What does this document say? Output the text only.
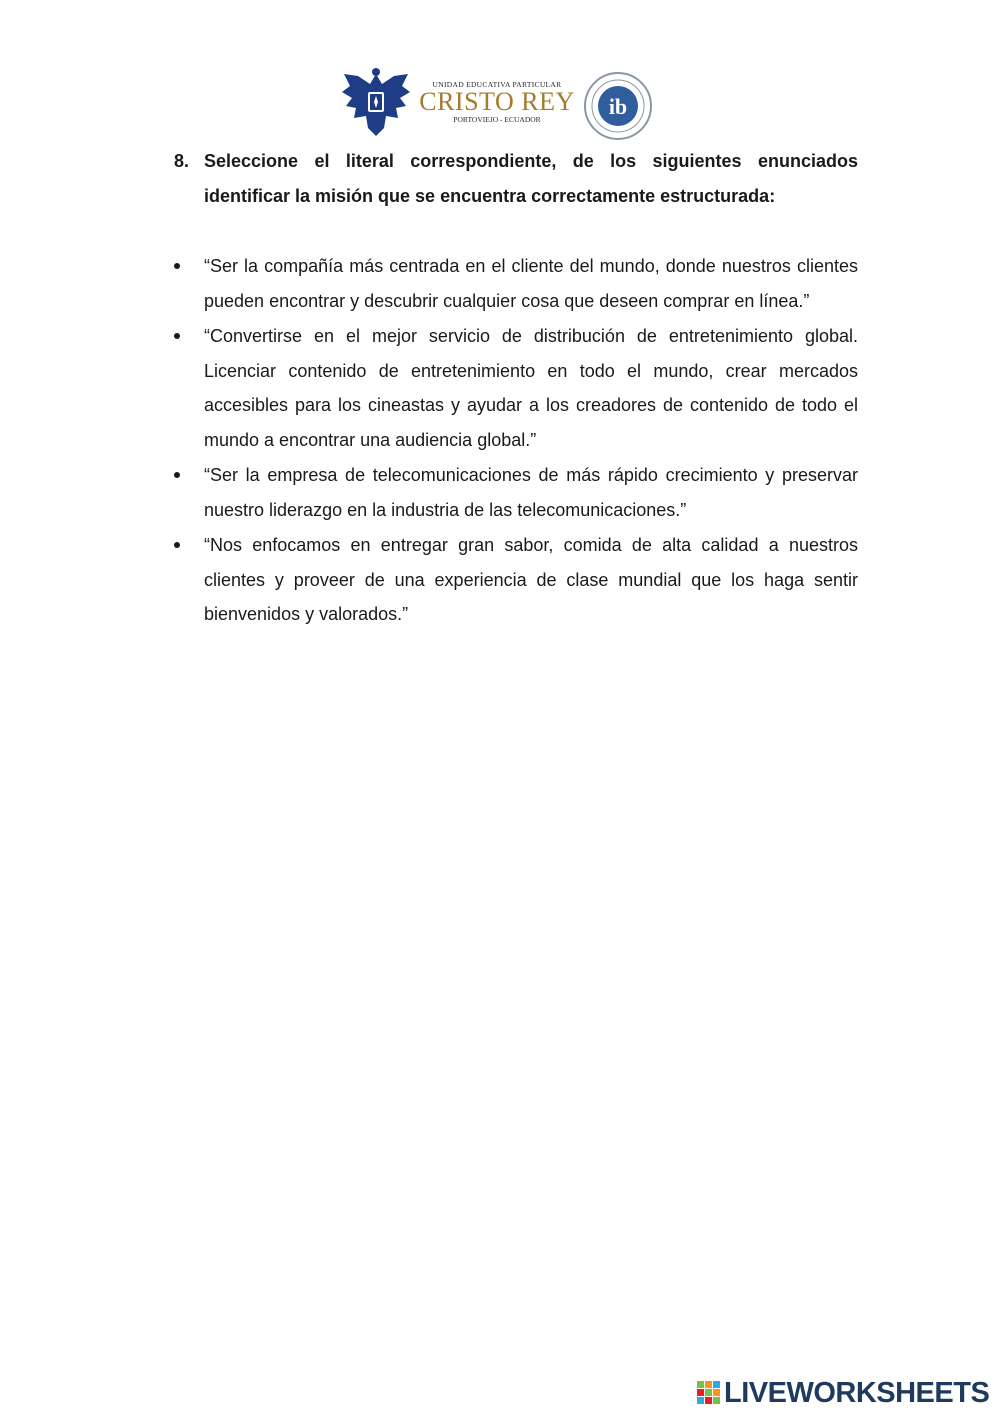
UNIDAD EDUCATIVA PARTICULAR
CRISTO REY
PORTOVIEJO - ECUADOR
ib
8. Seleccione el literal correspondiente, de los siguientes enunciados identificar la misión que se encuentra correctamente estructurada:
“Ser la compañía más centrada en el cliente del mundo, donde nuestros clientes pueden encontrar y descubrir cualquier cosa que deseen comprar en línea.”
“Convertirse en el mejor servicio de distribución de entretenimiento global. Licenciar contenido de entretenimiento en todo el mundo, crear mercados accesibles para los cineastas y ayudar a los creadores de contenido de todo el mundo a encontrar una audiencia global.”
“Ser la empresa de telecomunicaciones de más rápido crecimiento y preservar nuestro liderazgo en la industria de las telecomunicaciones.”
“Nos enfocamos en entregar gran sabor, comida de alta calidad a nuestros clientes y proveer de una experiencia de clase mundial que los haga sentir bienvenidos y valorados.”
LIVEWORKSHEETS
